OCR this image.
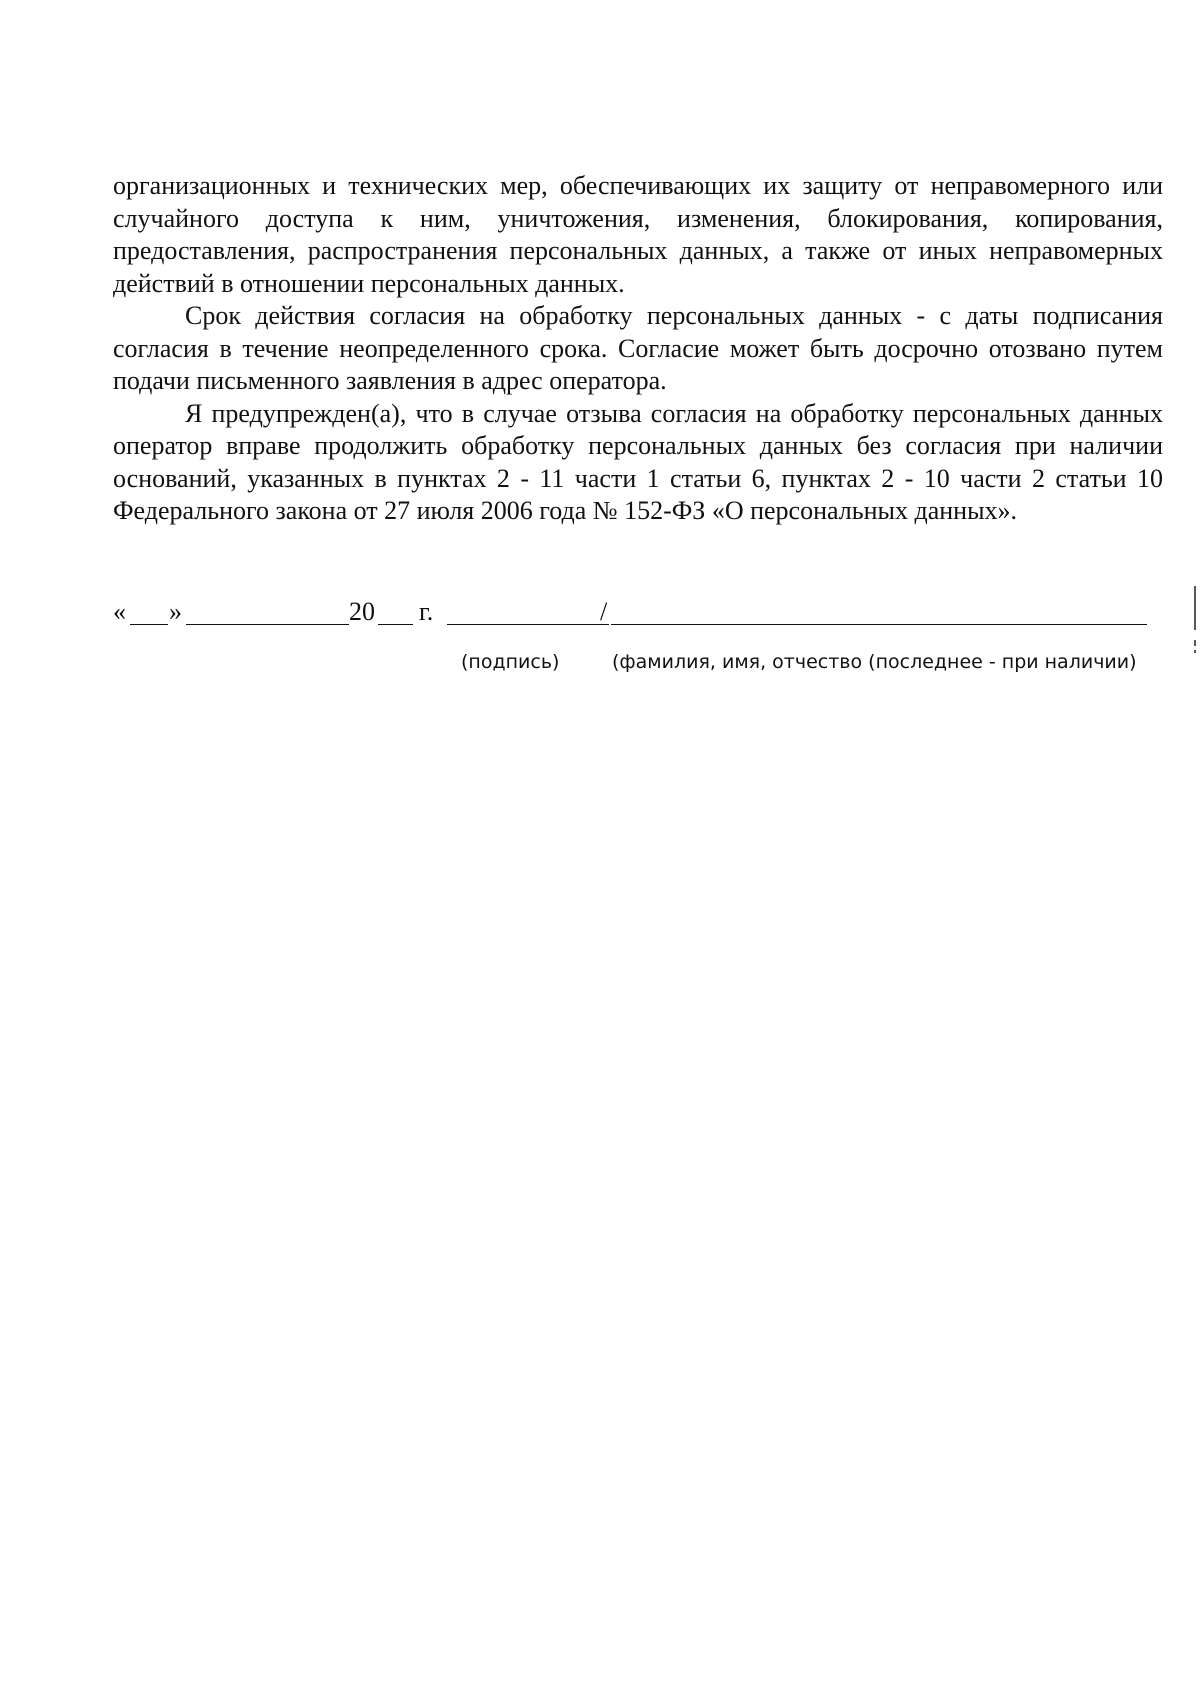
организационных и технических мер, обеспечивающих их защиту от неправомерного или случайного доступа к ним, уничтожения, изменения, блокирования, копирования, предоставления, распространения персональных данных, а также от иных неправомерных действий в отношении персональных данных.

Срок действия согласия на обработку персональных данных - с даты подписания согласия в течение неопределенного срока. Согласие может быть досрочно отозвано путем подачи письменного заявления в адрес оператора.

Я предупрежден(а), что в случае отзыва согласия на обработку персональных данных оператор вправе продолжить обработку персональных данных без согласия при наличии оснований, указанных в пунктах 2 - 11 части 1 статьи 6, пунктах 2 - 10 части 2 статьи 10 Федерального закона от 27 июля 2006 года № 152-ФЗ «О персональных данных».

« »	20 г.	/
(подпись)	(фамилия, имя, отчество (последнее - при наличии)
